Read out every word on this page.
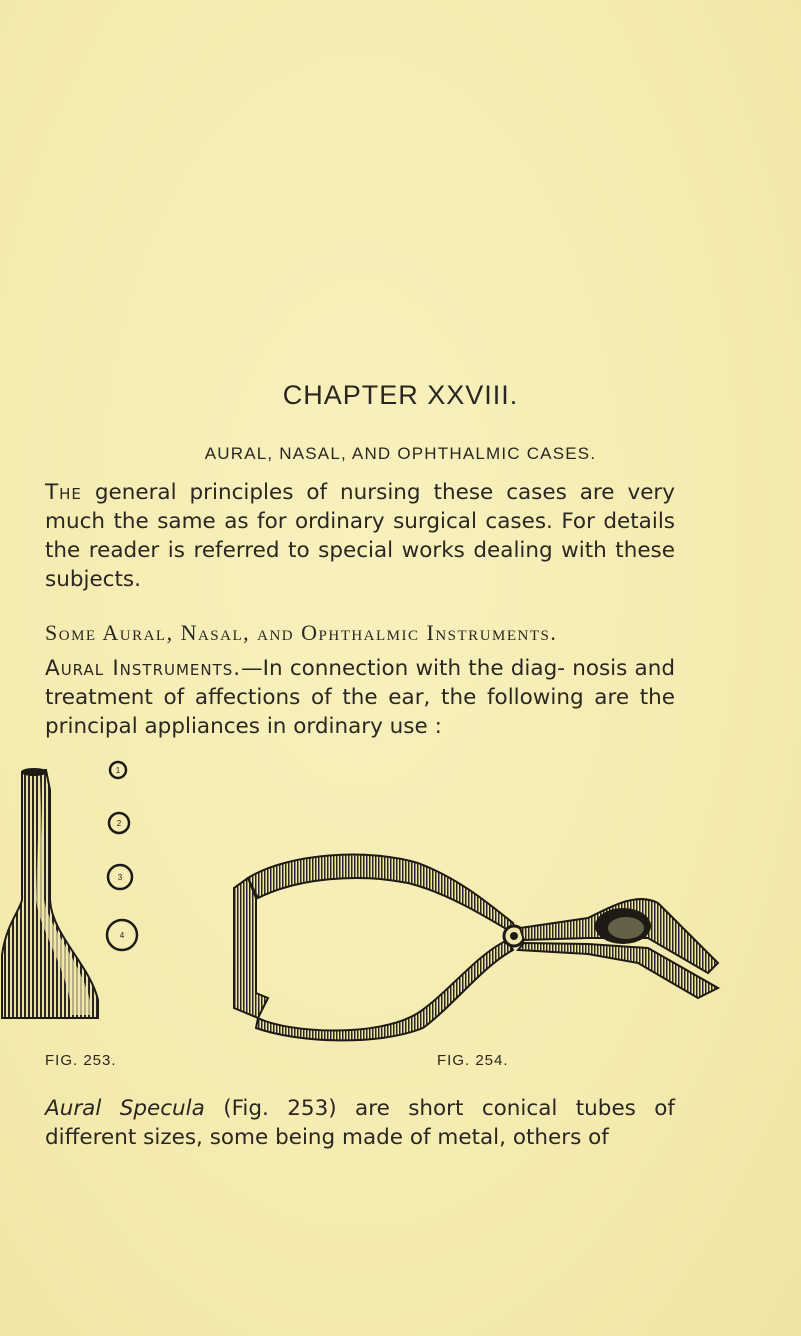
CHAPTER XXVIII.
AURAL, NASAL, AND OPHTHALMIC CASES.
The general principles of nursing these cases are very much the same as for ordinary surgical cases. For details the reader is referred to special works dealing with these subjects.
Some Aural, Nasal, and Ophthalmic Instruments.
Aural Instruments.—In connection with the diag- nosis and treatment of affections of the ear, the following are the principal appliances in ordinary use :
1
2
3
4
FIG. 253.	FIG. 254.
Aural Specula (Fig. 253) are short conical tubes of different sizes, some being made of metal, others of
